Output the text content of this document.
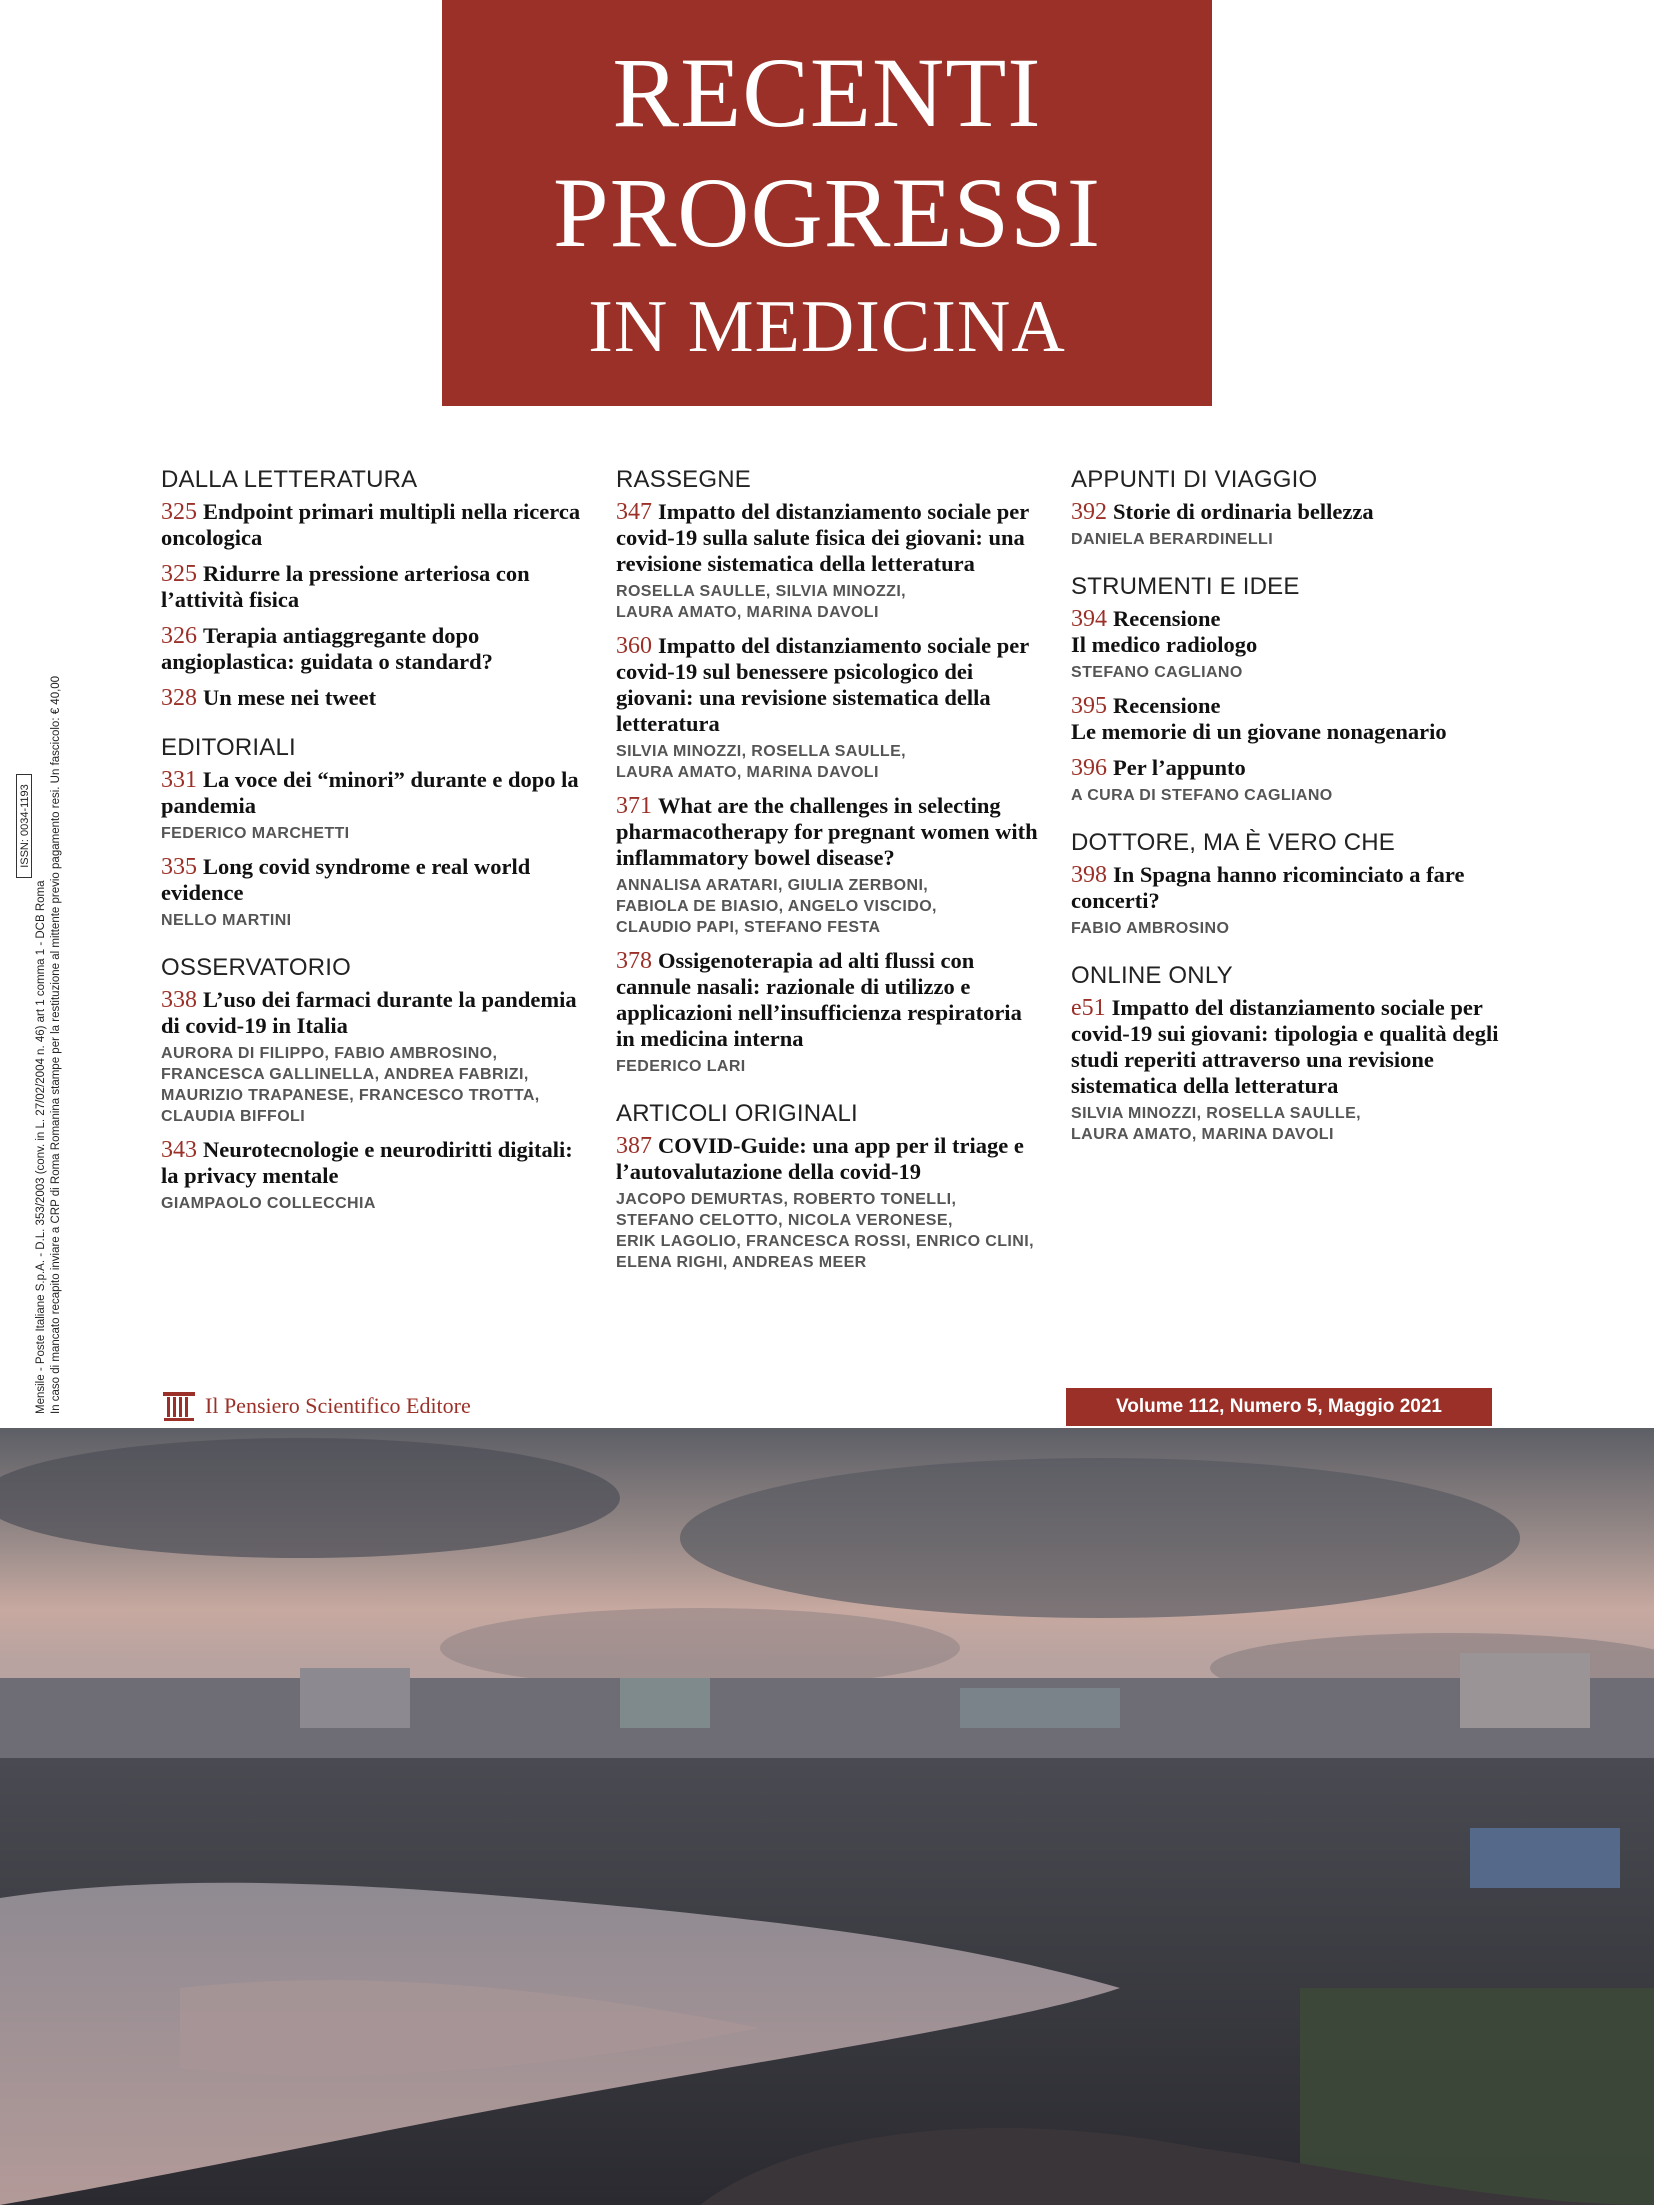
RECENTI
PROGRESSI
IN MEDICINA
DALLA LETTERATURA
325 Endpoint primari multipli nella ricerca oncologica
325 Ridurre la pressione arteriosa con l’attività fisica
326 Terapia antiaggregante dopo angioplastica: guidata o standard?
328 Un mese nei tweet
EDITORIALI
331 La voce dei “minori” durante e dopo la pandemia
FEDERICO MARCHETTI
335 Long covid syndrome e real world evidence
NELLO MARTINI
OSSERVATORIO
338 L’uso dei farmaci durante la pandemia di covid-19 in Italia
AURORA DI FILIPPO, FABIO AMBROSINO,
FRANCESCA GALLINELLA, ANDREA FABRIZI,
MAURIZIO TRAPANESE, FRANCESCO TROTTA,
CLAUDIA BIFFOLI
343 Neurotecnologie e neurodiritti digitali: la privacy mentale
GIAMPAOLO COLLECCHIA
RASSEGNE
347 Impatto del distanziamento sociale per covid-19 sulla salute fisica dei giovani: una revisione sistematica della letteratura
ROSELLA SAULLE, SILVIA MINOZZI,
LAURA AMATO, MARINA DAVOLI
360 Impatto del distanziamento sociale per covid-19 sul benessere psicologico dei giovani: una revisione sistematica della letteratura
SILVIA MINOZZI, ROSELLA SAULLE,
LAURA AMATO, MARINA DAVOLI
371 What are the challenges in selecting pharmacotherapy for pregnant women with inflammatory bowel disease?
ANNALISA ARATARI, GIULIA ZERBONI,
FABIOLA DE BIASIO, ANGELO VISCIDO,
CLAUDIO PAPI, STEFANO FESTA
378 Ossigenoterapia ad alti flussi con cannule nasali: razionale di utilizzo e applicazioni nell’insufficienza respiratoria in medicina interna
FEDERICO LARI
ARTICOLI ORIGINALI
387 COVID-Guide: una app per il triage e l’autovalutazione della covid-19
JACOPO DEMURTAS, ROBERTO TONELLI,
STEFANO CELOTTO, NICOLA VERONESE,
ERIK LAGOLIO, FRANCESCA ROSSI, ENRICO CLINI,
ELENA RIGHI, ANDREAS MEER
APPUNTI DI VIAGGIO
392 Storie di ordinaria bellezza
DANIELA BERARDINELLI
STRUMENTI E IDEE
394 Recensione
Il medico radiologo
STEFANO CAGLIANO
395 Recensione
Le memorie di un giovane nonagenario
396 Per l’appunto
A CURA DI STEFANO CAGLIANO
DOTTORE, MA È VERO CHE
398 In Spagna hanno ricominciato a fare concerti?
FABIO AMBROSINO
ONLINE ONLY
e51 Impatto del distanziamento sociale per covid-19 sui giovani: tipologia e qualità degli studi reperiti attraverso una revisione sistematica della letteratura
SILVIA MINOZZI, ROSELLA SAULLE,
LAURA AMATO, MARINA DAVOLI
Mensile - Poste Italiane S.p.A. - D.L. 353/2003 (conv. in L. 27/02/2004 n. 46) art 1 comma 1 - DCB Roma In caso di mancato recapito inviare a CRP di Roma Romanina stampe per la restituzione al mittente previo pagamento resi. Un fascicolo: € 40,00
ISSN: 0034-1193
Il Pensiero Scientifico Editore	Volume 112, Numero 5, Maggio 2021
